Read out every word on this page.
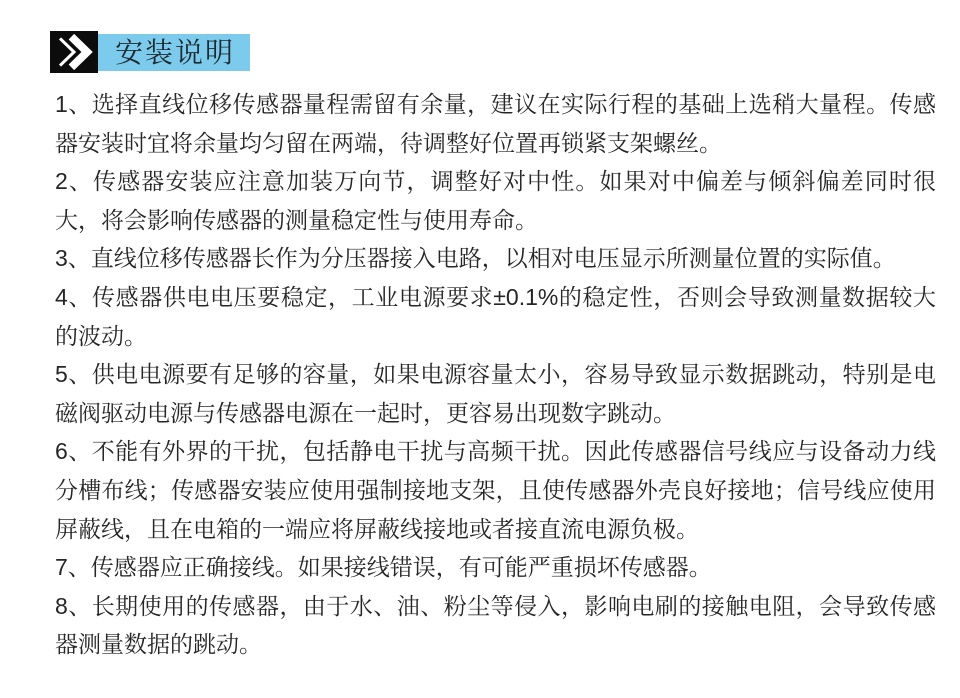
安装说明

1、选择直线位移传感器量程需留有余量，建议在实际行程的基础上选稍大量程。传感器安装时宜将余量均匀留在两端，待调整好位置再锁紧支架螺丝。

2、传感器安装应注意加装万向节，调整好对中性。如果对中偏差与倾斜偏差同时很大，将会影响传感器的测量稳定性与使用寿命。

3、直线位移传感器长作为分压器接入电路，以相对电压显示所测量位置的实际值。

4、传感器供电电压要稳定，工业电源要求±0.1%的稳定性，否则会导致测量数据较大的波动。

5、供电电源要有足够的容量，如果电源容量太小，容易导致显示数据跳动，特别是电磁阀驱动电源与传感器电源在一起时，更容易出现数字跳动。

6、不能有外界的干扰，包括静电干扰与高频干扰。因此传感器信号线应与设备动力线分槽布线；传感器安装应使用强制接地支架，且使传感器外壳良好接地；信号线应使用屏蔽线，且在电箱的一端应将屏蔽线接地或者接直流电源负极。

7、传感器应正确接线。如果接线错误，有可能严重损坏传感器。

8、长期使用的传感器，由于水、油、粉尘等侵入，影响电刷的接触电阻，会导致传感器测量数据的跳动。
